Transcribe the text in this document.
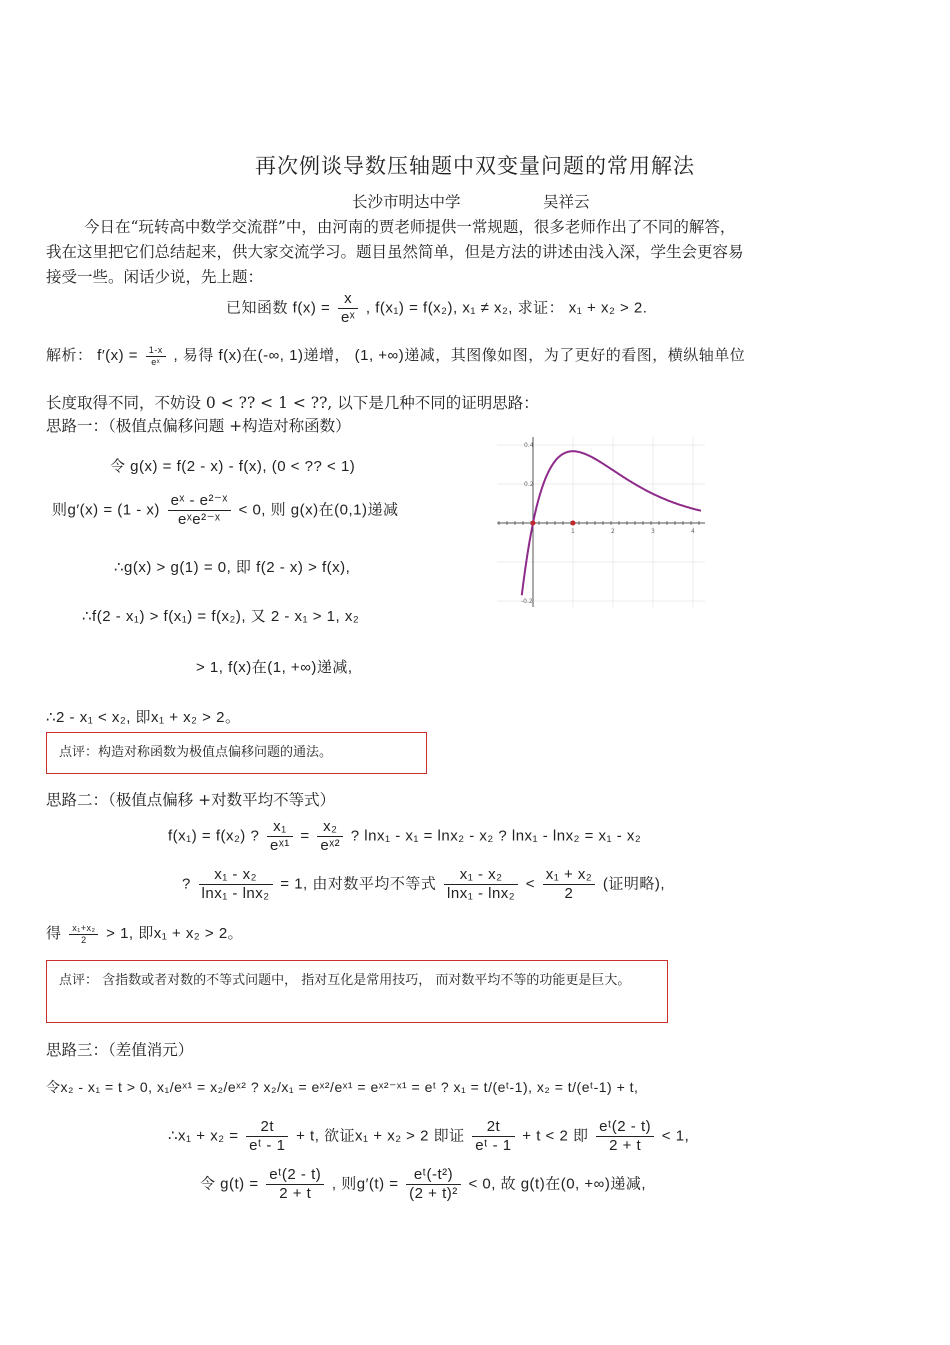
再次例谈导数压轴题中双变量问题的常用解法
长沙市明达中学	吴祥云
今日在“玩转高中数学交流群”中，由河南的贾老师提供一常规题，很多老师作出了不同的解答，
我在这里把它们总结起来，供大家交流学习。题目虽然简单，但是方法的讲述由浅入深，学生会更容易
接受一些。闲话少说，先上题：
已知函数 $f(x) = \frac{x}{\text{eˣ}}$ , f(x₁) = f(x₂), x₁ ≠ x₂, 求证： x₁ + x₂ > 2.
解析： $f'(x) = \frac{1-x}{\text{eˣ}}$ , 易得 f(x)在(-∞, 1)递增， (1, +∞)递减，其图像如图，为了更好的看图，横纵轴单位
长度取得不同，不妨设 0 < ?? < 1 < ??, 以下是几种不同的证明思路：
思路一：（极值点偏移问题 +构造对称函数）
令 g(x) = f(2 - x) - f(x), (0 < ?? < 1)
则$g'(x) = (1 - x) \frac{\text{eˣ - e²⁻ˣ}}{\text{eˣe²⁻ˣ}} < 0$, 则 g(x)在(0,1)递减
∴g(x) > g(1) = 0, 即 f(2 - x) > f(x),
∴f(2 - x₁) > f(x₁) = f(x₂), 又 2 - x₁ > 1, x₂
> 1, f(x)在(1, +∞)递减,
∴2 - x₁ < x₂, 即x₁ + x₂ > 2。
点评：构造对称函数为极值点偏移问题的通法。
0.4
0.2
-0.2
1	2	3	4
思路二：（极值点偏移 +对数平均不等式）
f(x₁) = f(x₂) ? $\frac{\text{x₁}}{\text{eˣ¹}} = \frac{\text{x₂}}{\text{eˣ²}}$ ? lnx₁ - x₁ = lnx₂ - x₂ ? lnx₁ - lnx₂ = x₁ - x₂
? $\frac{\text{x₁ - x₂}}{\text{lnx₁ - lnx₂}} = 1$, 由对数平均不等式 $\frac{\text{x₁ - x₂}}{\text{lnx₁ - lnx₂}} < \frac{\text{x₁ + x₂}}{2}$ (证明略),
得 $\frac{\text{x₁+x₂}}{2} > 1$, 即x₁ + x₂ > 2。
点评： 含指数或者对数的不等式问题中， 指对互化是常用技巧， 而对数平均不等的功能更是巨大。
思路三：（差值消元）
令x₂ - x₁ = t > 0, x₁/eˣ¹ = x₂/eˣ² ? x₂/x₁ = eˣ²/eˣ¹ = eˣ²⁻ˣ¹ = eᵗ ? x₁ = t/(eᵗ-1), x₂ = t/(eᵗ-1) + t,
∴x₁ + $x_2 = \frac{2t}{\text{eᵗ - 1}} + t$, 欲证x₁ + x₂ > 2 即证 $\frac{2t}{\text{eᵗ - 1}} + t < 2$ 即 $\frac{\text{eᵗ(2 - t)}}{2 + t} < 1$,
令 $g(t) = \frac{\text{eᵗ(2 - t)}}{2 + t}$ , 则$g'(t) = \frac{\text{eᵗ(-t²)}}{\text{(2 + t)²}} < 0$, 故 g(t)在(0, +∞)递减,
